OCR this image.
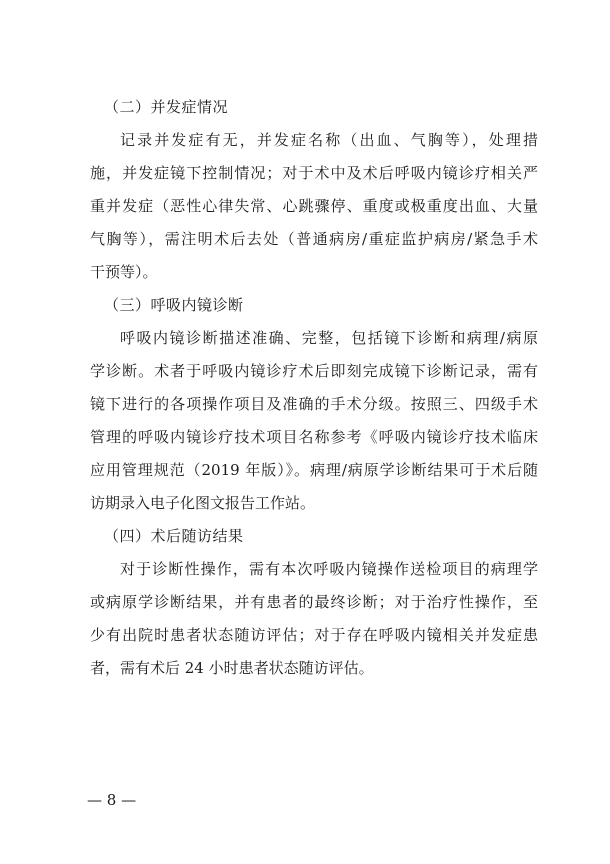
（二）并发症情况

记录并发症有无，并发症名称（出血、气胸等），处理措
施，并发症镜下控制情况；对于术中及术后呼吸内镜诊疗相关严
重并发症（恶性心律失常、心跳骤停、重度或极重度出血、大量
气胸等），需注明术后去处（普通病房/重症监护病房/紧急手术
干预等）。

（三）呼吸内镜诊断

呼吸内镜诊断描述准确、完整，包括镜下诊断和病理/病原
学诊断。术者于呼吸内镜诊疗术后即刻完成镜下诊断记录，需有
镜下进行的各项操作项目及准确的手术分级。按照三、四级手术
管理的呼吸内镜诊疗技术项目名称参考《呼吸内镜诊疗技术临床
应用管理规范（2019 年版）》。病理/病原学诊断结果可于术后随
访期录入电子化图文报告工作站。

（四）术后随访结果

对于诊断性操作，需有本次呼吸内镜操作送检项目的病理学
或病原学诊断结果，并有患者的最终诊断；对于治疗性操作，至
少有出院时患者状态随访评估；对于存在呼吸内镜相关并发症患
者，需有术后 24 小时患者状态随访评估。

— 8 —
